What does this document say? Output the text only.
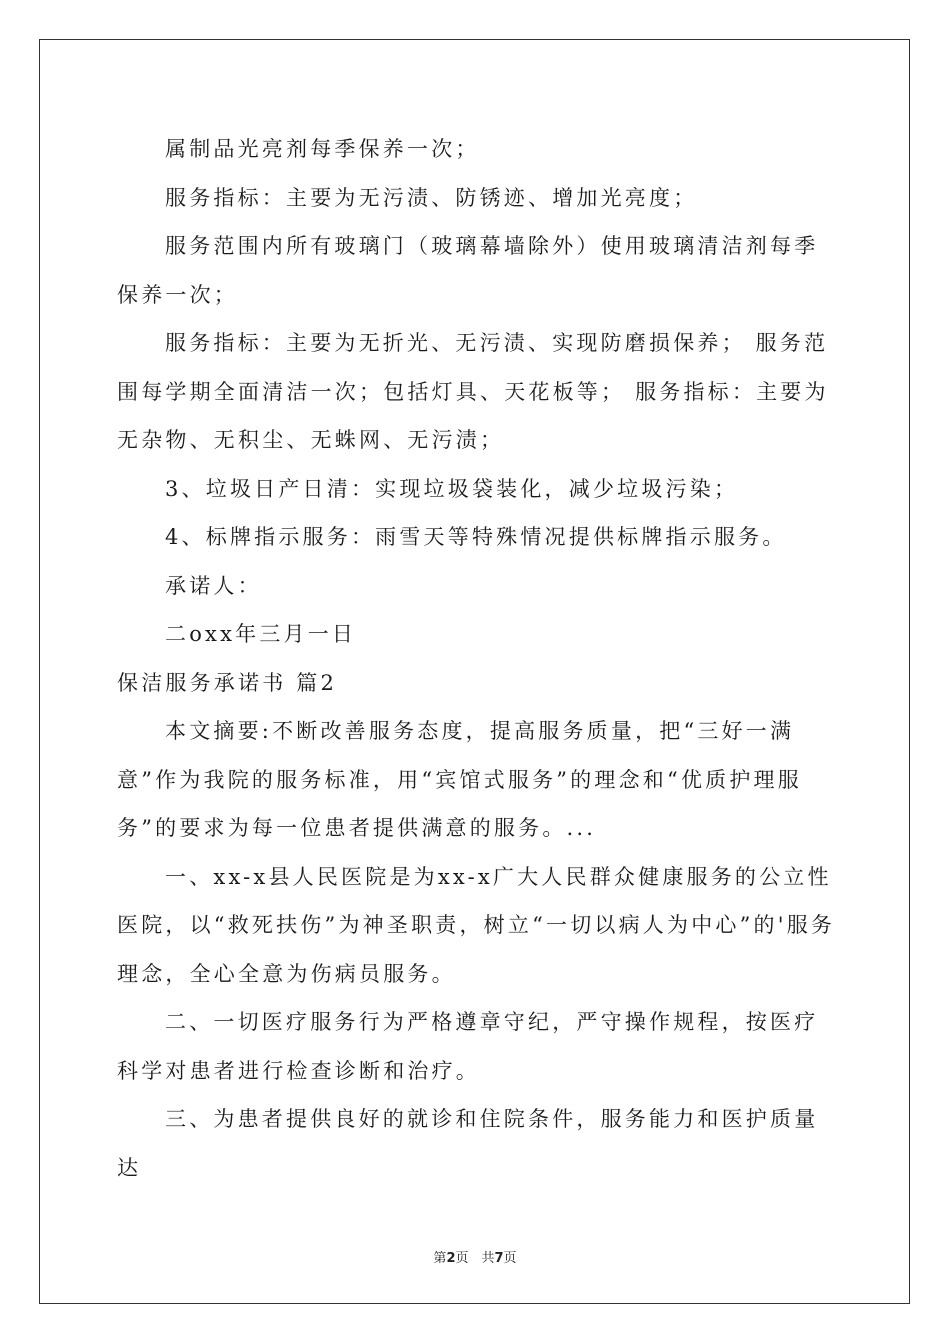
属制品光亮剂每季保养一次；

服务指标：主要为无污渍、防锈迹、增加光亮度；

服务范围内所有玻璃门（玻璃幕墙除外）使用玻璃清洁剂每季保养一次；

服务指标：主要为无折光、无污渍、实现防磨损保养； 服务范围每学期全面清洁一次；包括灯具、天花板等； 服务指标：主要为无杂物、无积尘、无蛛网、无污渍；

3、垃圾日产日清：实现垃圾袋装化，减少垃圾污染；

4、标牌指示服务：雨雪天等特殊情况提供标牌指示服务。

承诺人：

二oxx年三月一日

保洁服务承诺书 篇2

本文摘要:不断改善服务态度，提高服务质量，把“三好一满意”作为我院的服务标准，用“宾馆式服务”的理念和“优质护理服务”的要求为每一位患者提供满意的服务。...

一、xx-x县人民医院是为xx-x广大人民群众健康服务的公立性医院，以“救死扶伤”为神圣职责，树立“一切以病人为中心”的'服务理念，全心全意为伤病员服务。

二、一切医疗服务行为严格遵章守纪，严守操作规程，按医疗科学对患者进行检查诊断和治疗。

三、为患者提供良好的就诊和住院条件，服务能力和医护质量达

第2页　共7页
